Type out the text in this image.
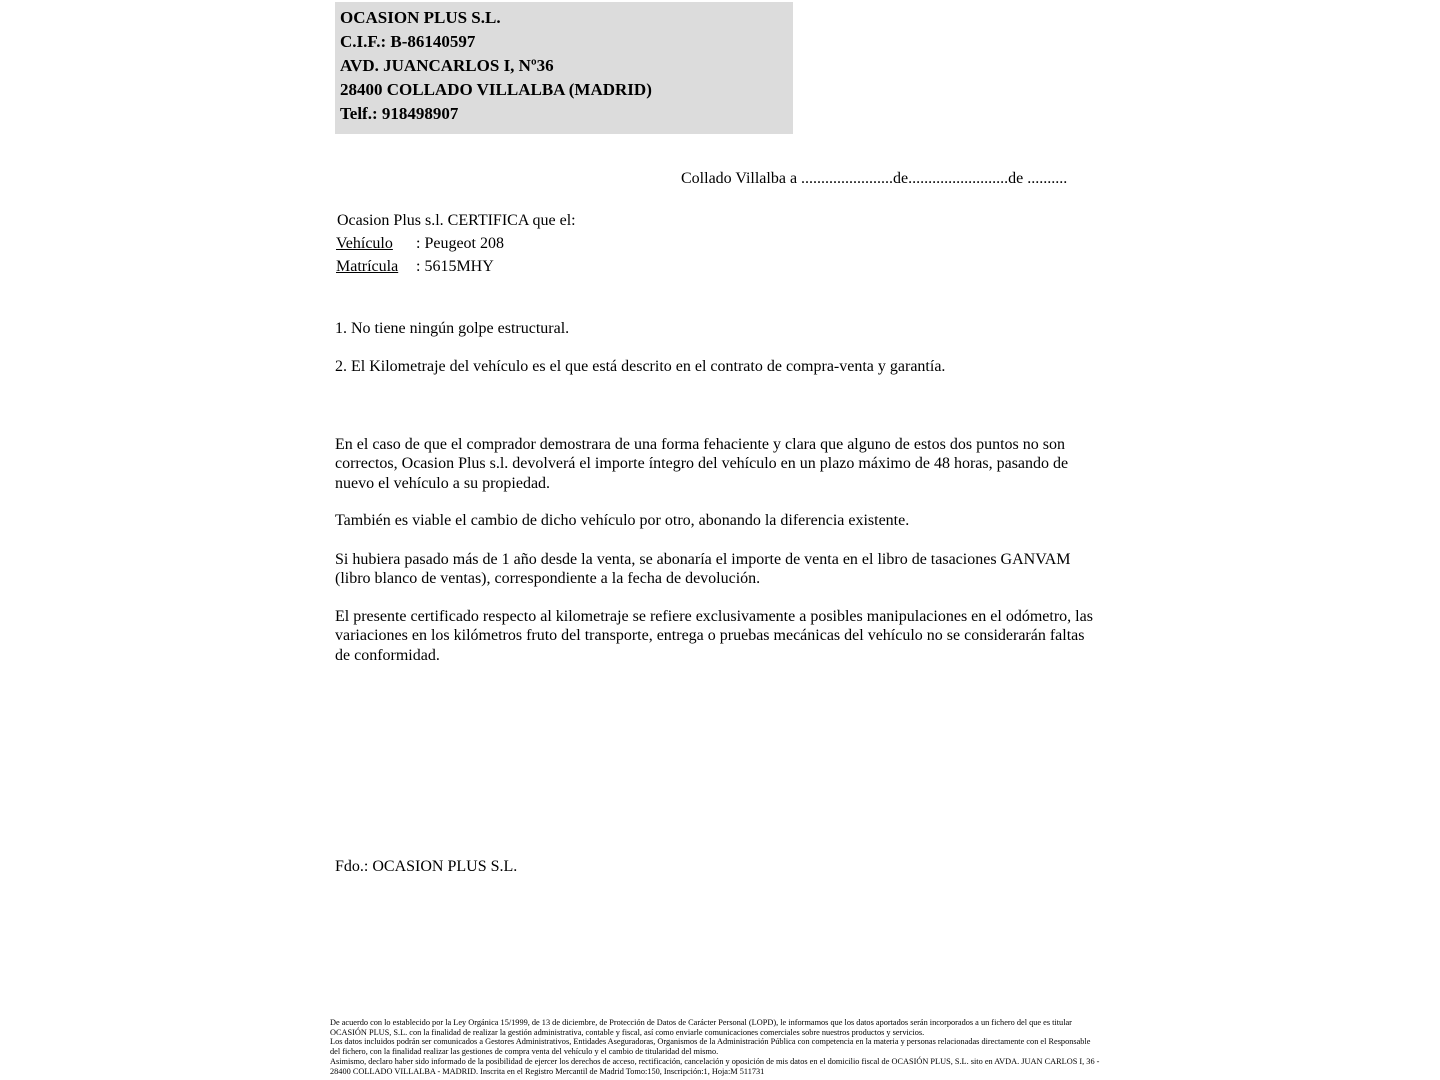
OCASION PLUS S.L.
C.I.F.: B-86140597
AVD. JUANCARLOS I, Nº36
28400 COLLADO VILLALBA (MADRID)
Telf.: 918498907
Collado Villalba a .......................de.........................de ..........
Ocasion Plus s.l. CERTIFICA que el:
Vehículo : Peugeot 208
Matrícula : 5615MHY
1. No tiene ningún golpe estructural.
2. El Kilometraje del vehículo es el que está descrito en el contrato de compra-venta y garantía.

En el caso de que el comprador demostrara de una forma fehaciente y clara que alguno de estos dos puntos no son correctos, Ocasion Plus s.l. devolverá el importe íntegro del vehículo en un plazo máximo de 48 horas, pasando de nuevo el vehículo a su propiedad.

También es viable el cambio de dicho vehículo por otro, abonando la diferencia existente.

Si hubiera pasado más de 1 año desde la venta, se abonaría el importe de venta en el libro de tasaciones GANVAM (libro blanco de ventas), correspondiente a la fecha de devolución.

El presente certificado respecto al kilometraje se refiere exclusivamente a posibles manipulaciones en el odómetro, las variaciones en los kilómetros fruto del transporte, entrega o pruebas mecánicas del vehículo no se considerarán faltas de conformidad.

Fdo.: OCASION PLUS S.L.

De acuerdo con lo establecido por la Ley Orgánica 15/1999, de 13 de diciembre, de Protección de Datos de Carácter Personal (LOPD), le informamos que los datos aportados serán incorporados a un fichero del que es titular OCASIÓN PLUS, S.L. con la finalidad de realizar la gestión administrativa, contable y fiscal, así como enviarle comunicaciones comerciales sobre nuestros productos y servicios.

Los datos incluidos podrán ser comunicados a Gestores Administrativos, Entidades Aseguradoras, Organismos de la Administración Pública con competencia en la materia y personas relacionadas directamente con el Responsable del fichero, con la finalidad realizar las gestiones de compra venta del vehículo y el cambio de titularidad del mismo.

Asimismo, declaro haber sido informado de la posibilidad de ejercer los derechos de acceso, rectificación, cancelación y oposición de mis datos en el domicilio fiscal de OCASIÓN PLUS, S.L. sito en AVDA. JUAN CARLOS I, 36 - 28400 COLLADO VILLALBA - MADRID. Inscrita en el Registro Mercantil de Madrid Tomo:150, Inscripción:1, Hoja:M 511731
